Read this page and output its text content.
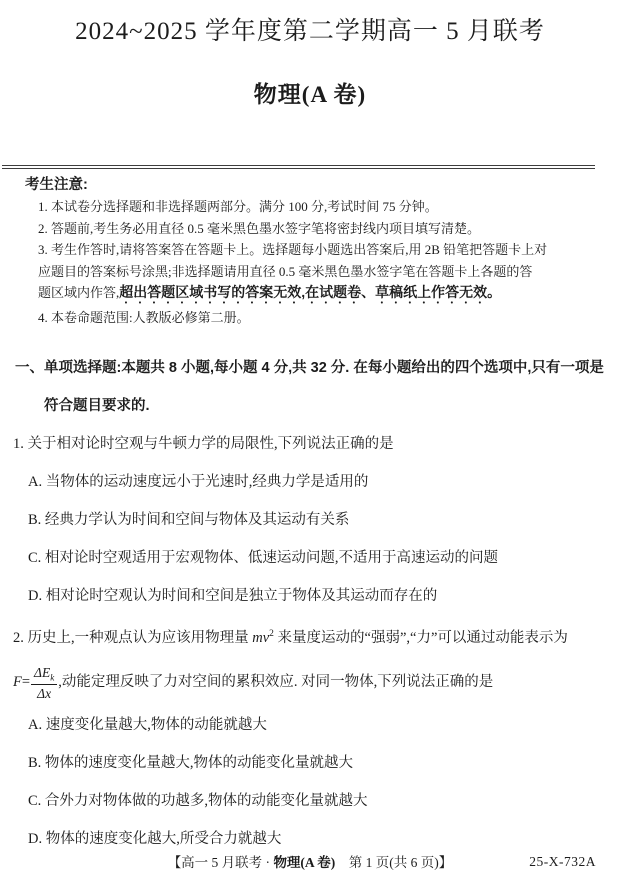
2024~2025 学年度第二学期高一 5 月联考
物理(A 卷)
考生注意:
1. 本试卷分选择题和非选择题两部分。满分 100 分,考试时间 75 分钟。
2. 答题前,考生务必用直径 0.5 毫米黑色墨水签字笔将密封线内项目填写清楚。
3. 考生作答时,请将答案答在答题卡上。选择题每小题选出答案后,用 2B 铅笔把答题卡上对
应题目的答案标号涂黑;非选择题请用直径 0.5 毫米黑色墨水签字笔在答题卡上各题的答
题区域内作答,超出答题区域书写的答案无效,在试题卷、草稿纸上作答无效。
4. 本卷命题范围:人教版必修第二册。
一、单项选择题:本题共 8 小题,每小题 4 分,共 32 分. 在每小题给出的四个选项中,只有一项是
符合题目要求的.
1. 关于相对论时空观与牛顿力学的局限性,下列说法正确的是
A. 当物体的运动速度远小于光速时,经典力学是适用的
B. 经典力学认为时间和空间与物体及其运动有关系
C. 相对论时空观适用于宏观物体、低速运动问题,不适用于高速运动的问题
D. 相对论时空观认为时间和空间是独立于物体及其运动而存在的
2. 历史上,一种观点认为应该用物理量 $mv^2$ 来量度运动的“强弱”,“力”可以通过动能表示为
$F= \frac{\Delta E_k}{\Delta x}$ ,动能定理反映了力对空间的累积效应. 对同一物体,下列说法正确的是
A. 速度变化量越大,物体的动能就越大
B. 物体的速度变化量越大,物体的动能变化量就越大
C. 合外力对物体做的功越多,物体的动能变化量就越大
D. 物体的速度变化越大,所受合力就越大
【高一 5 月联考 · 物理(A 卷)　第 1 页(共 6 页)】	25-X-732A
